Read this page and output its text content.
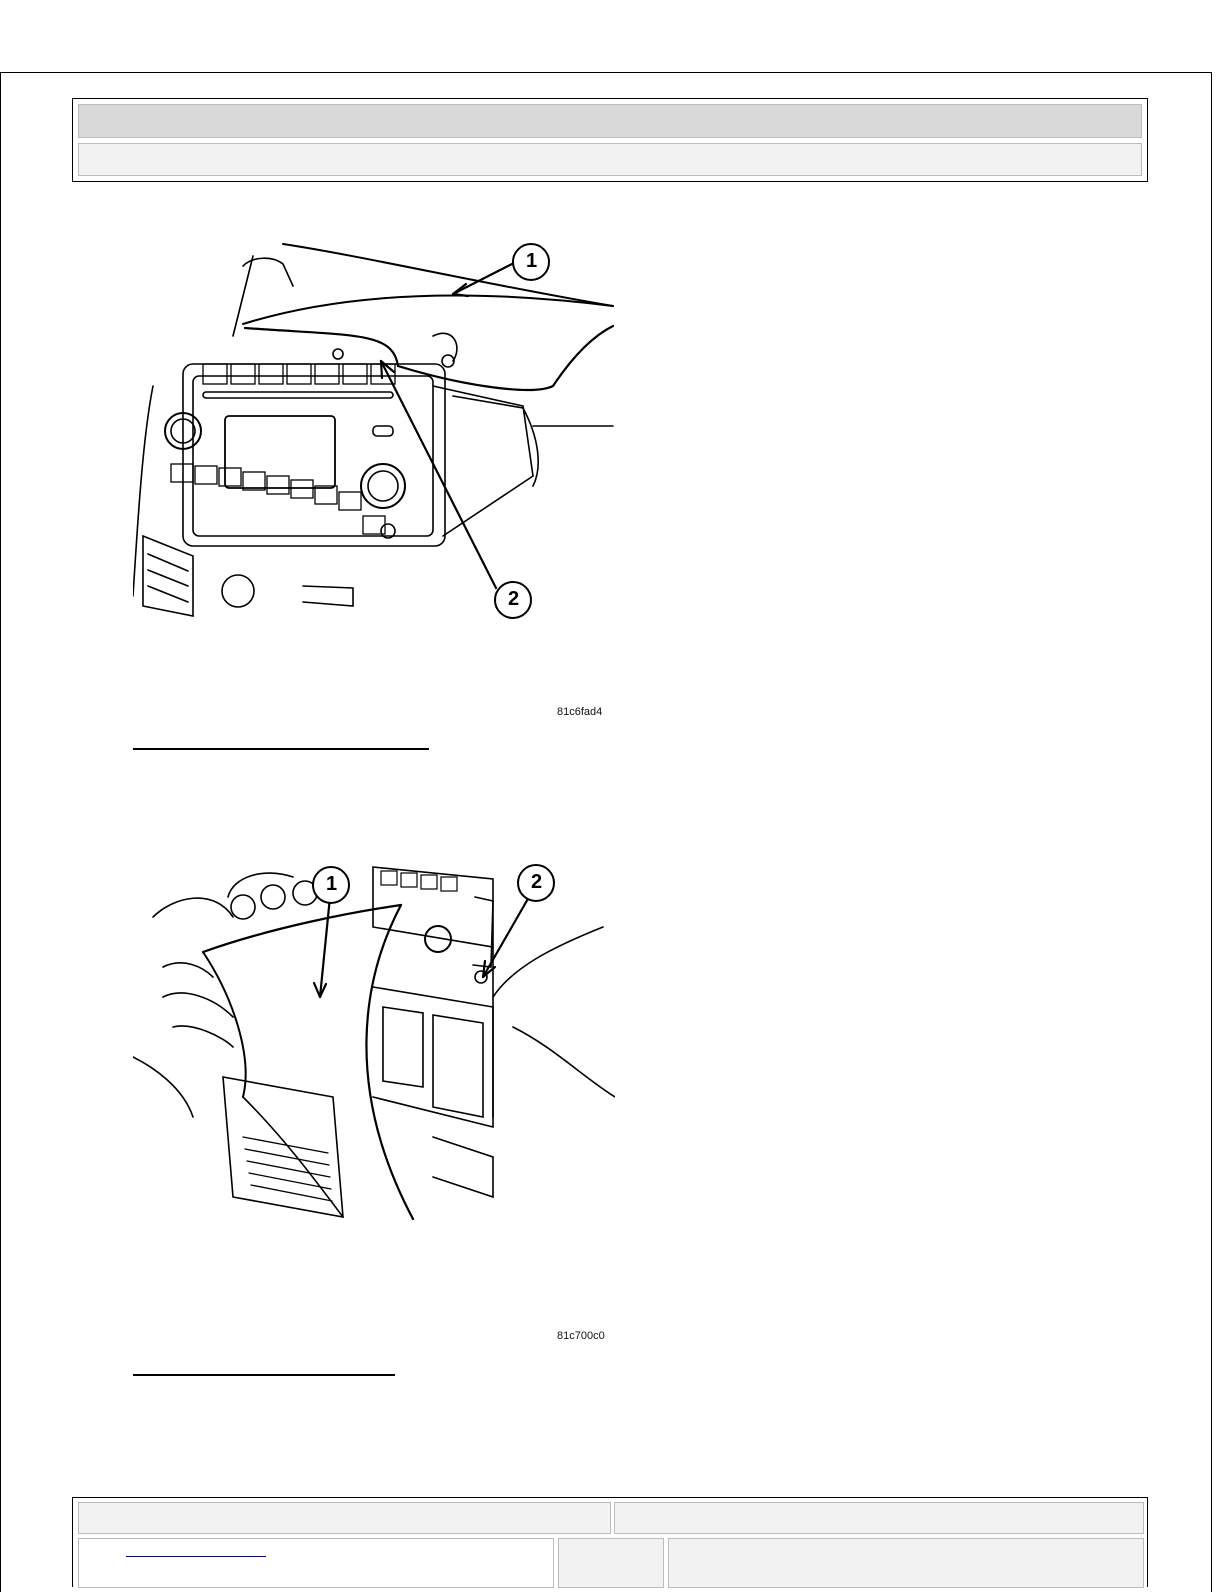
1
2
81c6fad4
1	2
81c700c0
